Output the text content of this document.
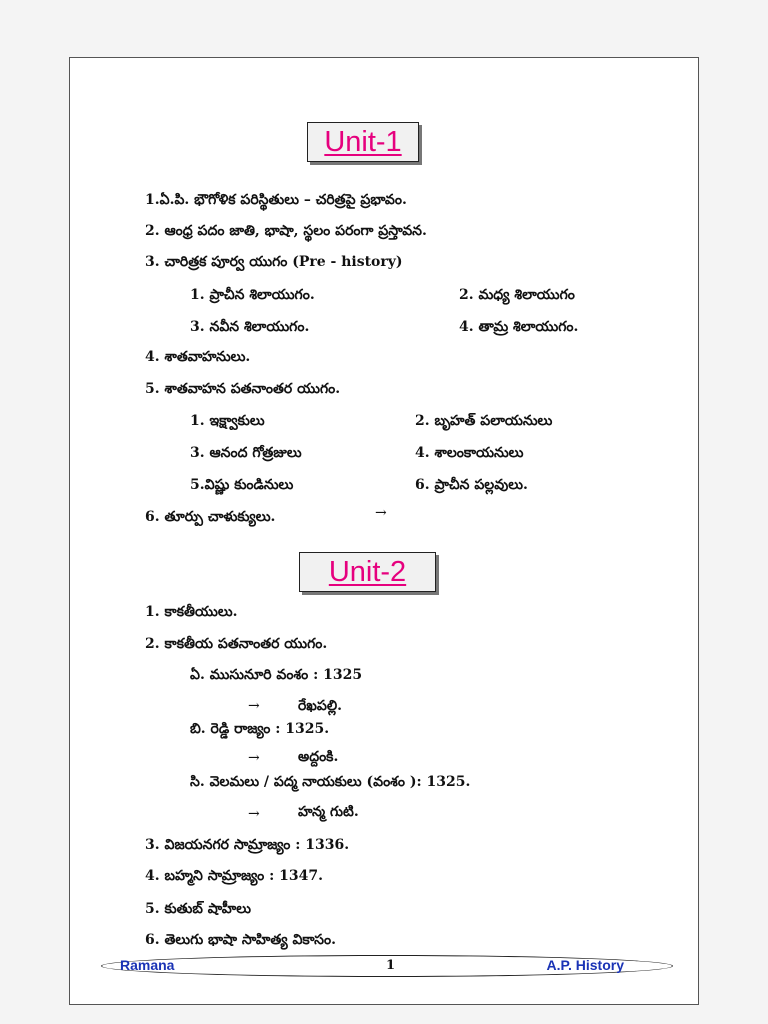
Unit-1
1.ఏ.పి. భౌగోళిక పరిస్థితులు – చరిత్రపై ప్రభావం.
2. ఆంధ్ర పదం జాతి, భాషా, స్థలం పరంగా ప్రస్తావన.
3. చారిత్రక పూర్వ యుగం (Pre - history)
1. ప్రాచీన శిలాయుగం.	2. మధ్య శిలాయుగం
3. నవీన శిలాయుగం.	4. తామ్ర శిలాయుగం.
4. శాతవాహనులు.
5. శాతవాహన పతనాంతర యుగం.
1. ఇక్ష్వాకులు	2. బృహత్ పలాయనులు
3. ఆనంద గోత్రజులు	4. శాలంకాయనులు
5.విష్ణు కుండినులు	6. ప్రాచీన పల్లవులు.
6. తూర్పు చాళుక్యులు.	→
Unit-2
1. కాకతీయులు.
2. కాకతీయ పతనాంతర యుగం.
ఏ. ముసునూరి వంశం : 1325
→	రేఖపల్లి.
బి. రెడ్డి రాజ్యం : 1325.
→	అద్దంకి.
సి. వెలమలు / పద్మ నాయకులు (వంశం ): 1325.
→	హన్మ గుటి.
3. విజయనగర సామ్రాజ్యం : 1336.
4. బహ్మని సామ్రాజ్యం : 1347.
5. కుతుబ్ షాహీలు
6. తెలుగు భాషా సాహిత్య వికాసం.
Ramana	1	A.P. History
